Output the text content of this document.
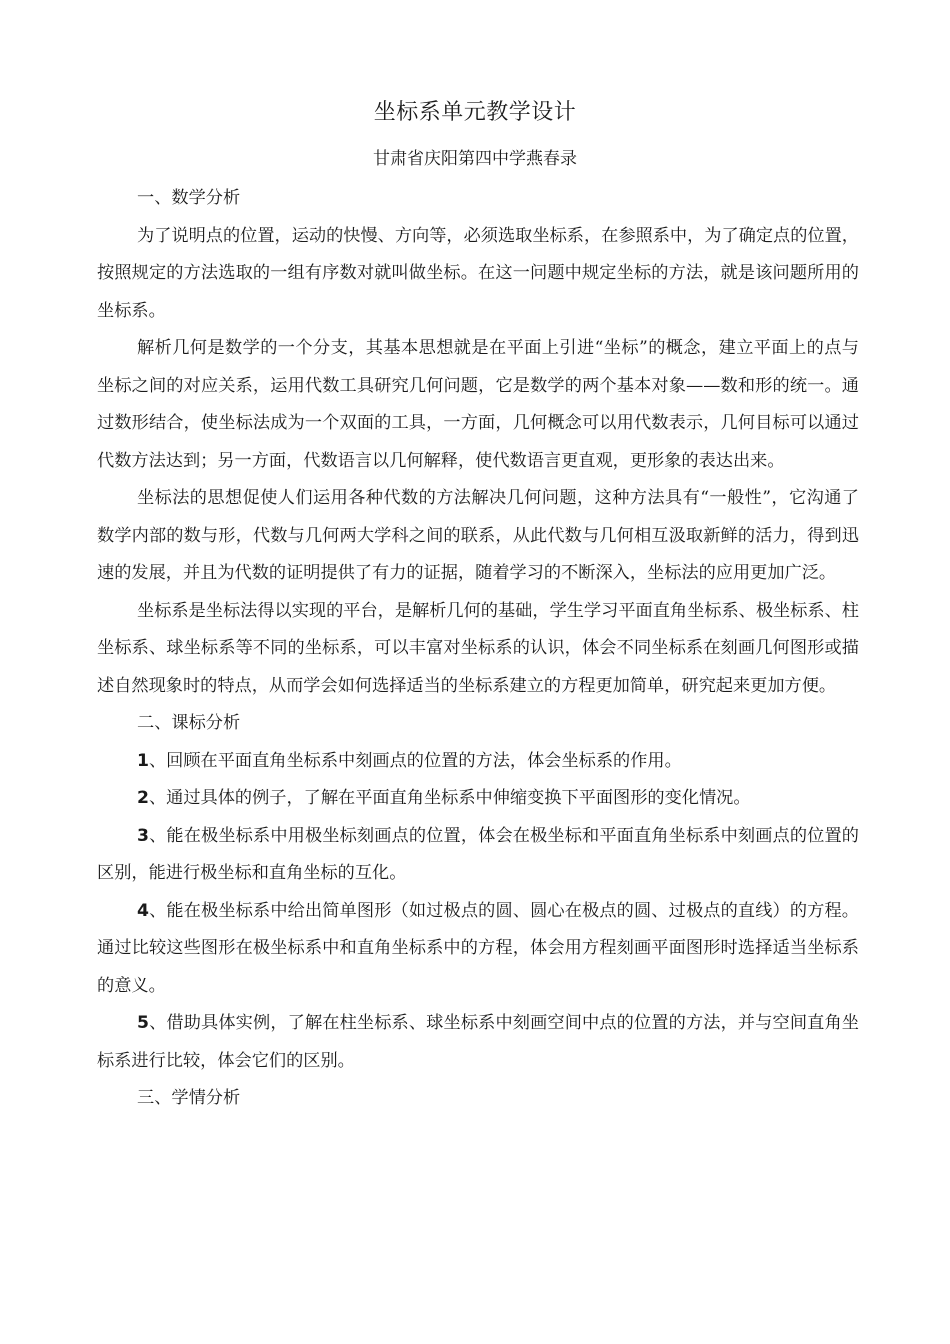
坐标系单元教学设计
甘肃省庆阳第四中学燕春录
一、数学分析

为了说明点的位置，运动的快慢、方向等，必须选取坐标系，在参照系中，为了确定点的位置，按照规定的方法选取的一组有序数对就叫做坐标。在这一问题中规定坐标的方法，就是该问题所用的坐标系。

解析几何是数学的一个分支，其基本思想就是在平面上引进“坐标”的概念，建立平面上的点与坐标之间的对应关系，运用代数工具研究几何问题，它是数学的两个基本对象——数和形的统一。通过数形结合，使坐标法成为一个双面的工具，一方面，几何概念可以用代数表示，几何目标可以通过代数方法达到；另一方面，代数语言以几何解释，使代数语言更直观，更形象的表达出来。

坐标法的思想促使人们运用各种代数的方法解决几何问题，这种方法具有“一般性”，它沟通了数学内部的数与形，代数与几何两大学科之间的联系，从此代数与几何相互汲取新鲜的活力，得到迅速的发展，并且为代数的证明提供了有力的证据，随着学习的不断深入，坐标法的应用更加广泛。

坐标系是坐标法得以实现的平台，是解析几何的基础，学生学习平面直角坐标系、极坐标系、柱坐标系、球坐标系等不同的坐标系，可以丰富对坐标系的认识，体会不同坐标系在刻画几何图形或描述自然现象时的特点，从而学会如何选择适当的坐标系建立的方程更加简单，研究起来更加方便。

二、课标分析

1、回顾在平面直角坐标系中刻画点的位置的方法，体会坐标系的作用。

2、通过具体的例子，了解在平面直角坐标系中伸缩变换下平面图形的变化情况。

3、能在极坐标系中用极坐标刻画点的位置，体会在极坐标和平面直角坐标系中刻画点的位置的区别，能进行极坐标和直角坐标的互化。

4、能在极坐标系中给出简单图形（如过极点的圆、圆心在极点的圆、过极点的直线）的方程。通过比较这些图形在极坐标系中和直角坐标系中的方程，体会用方程刻画平面图形时选择适当坐标系的意义。

5、借助具体实例，了解在柱坐标系、球坐标系中刻画空间中点的位置的方法，并与空间直角坐标系进行比较，体会它们的区别。

三、学情分析
